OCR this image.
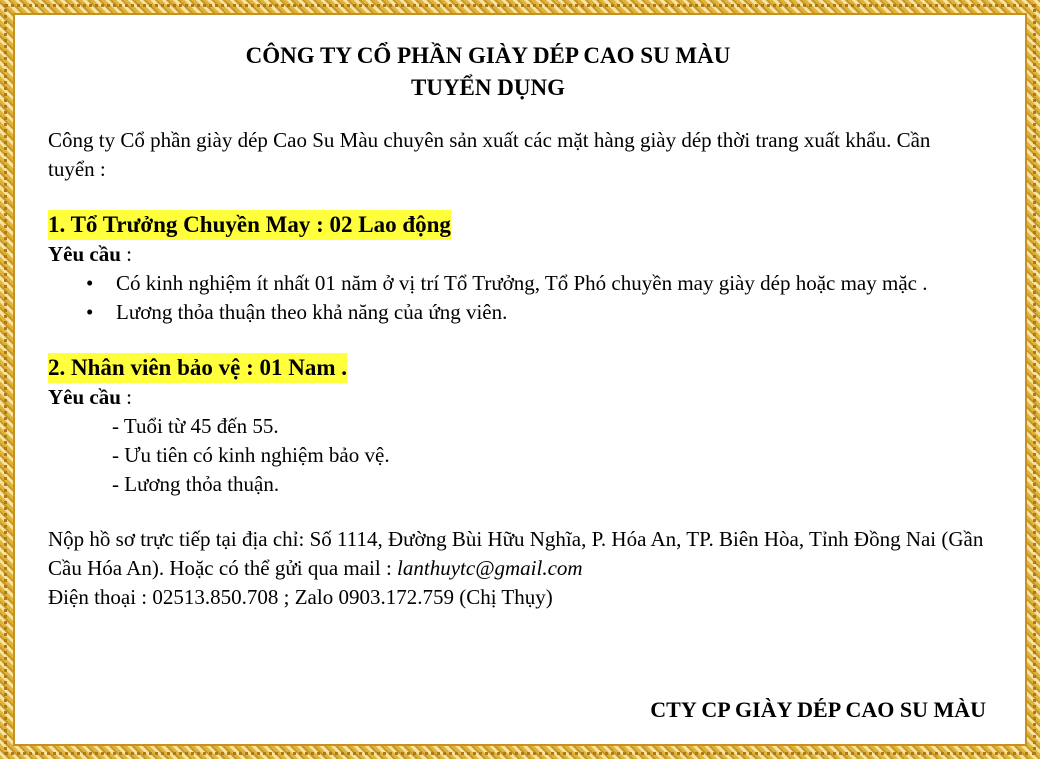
CÔNG TY CỔ PHẦN GIÀY DÉP CAO SU MÀU
TUYỂN DỤNG
Công ty Cổ phần giày dép Cao Su Màu chuyên sản xuất các mặt hàng giày dép thời trang xuất khẩu. Cần tuyển :
1. Tổ Trưởng Chuyền May : 02 Lao động
Yêu cầu :
• Có kinh nghiệm ít nhất 01 năm ở vị trí Tổ Trưởng, Tổ Phó chuyền may giày dép hoặc may mặc .
• Lương thỏa thuận theo khả năng của ứng viên.
2. Nhân viên bảo vệ : 01 Nam .
Yêu cầu :
- Tuổi từ 45 đến 55.
- Ưu tiên có kinh nghiệm bảo vệ.
- Lương thỏa thuận.
Nộp hồ sơ trực tiếp tại địa chỉ: Số 1114, Đường Bùi Hữu Nghĩa, P. Hóa An, TP. Biên Hòa, Tỉnh Đồng Nai (Gần Cầu Hóa An). Hoặc có thể gửi qua mail : lanthuytc@gmail.com
Điện thoại : 02513.850.708 ; Zalo 0903.172.759 (Chị Thụy)
CTY CP GIÀY DÉP CAO SU MÀU
